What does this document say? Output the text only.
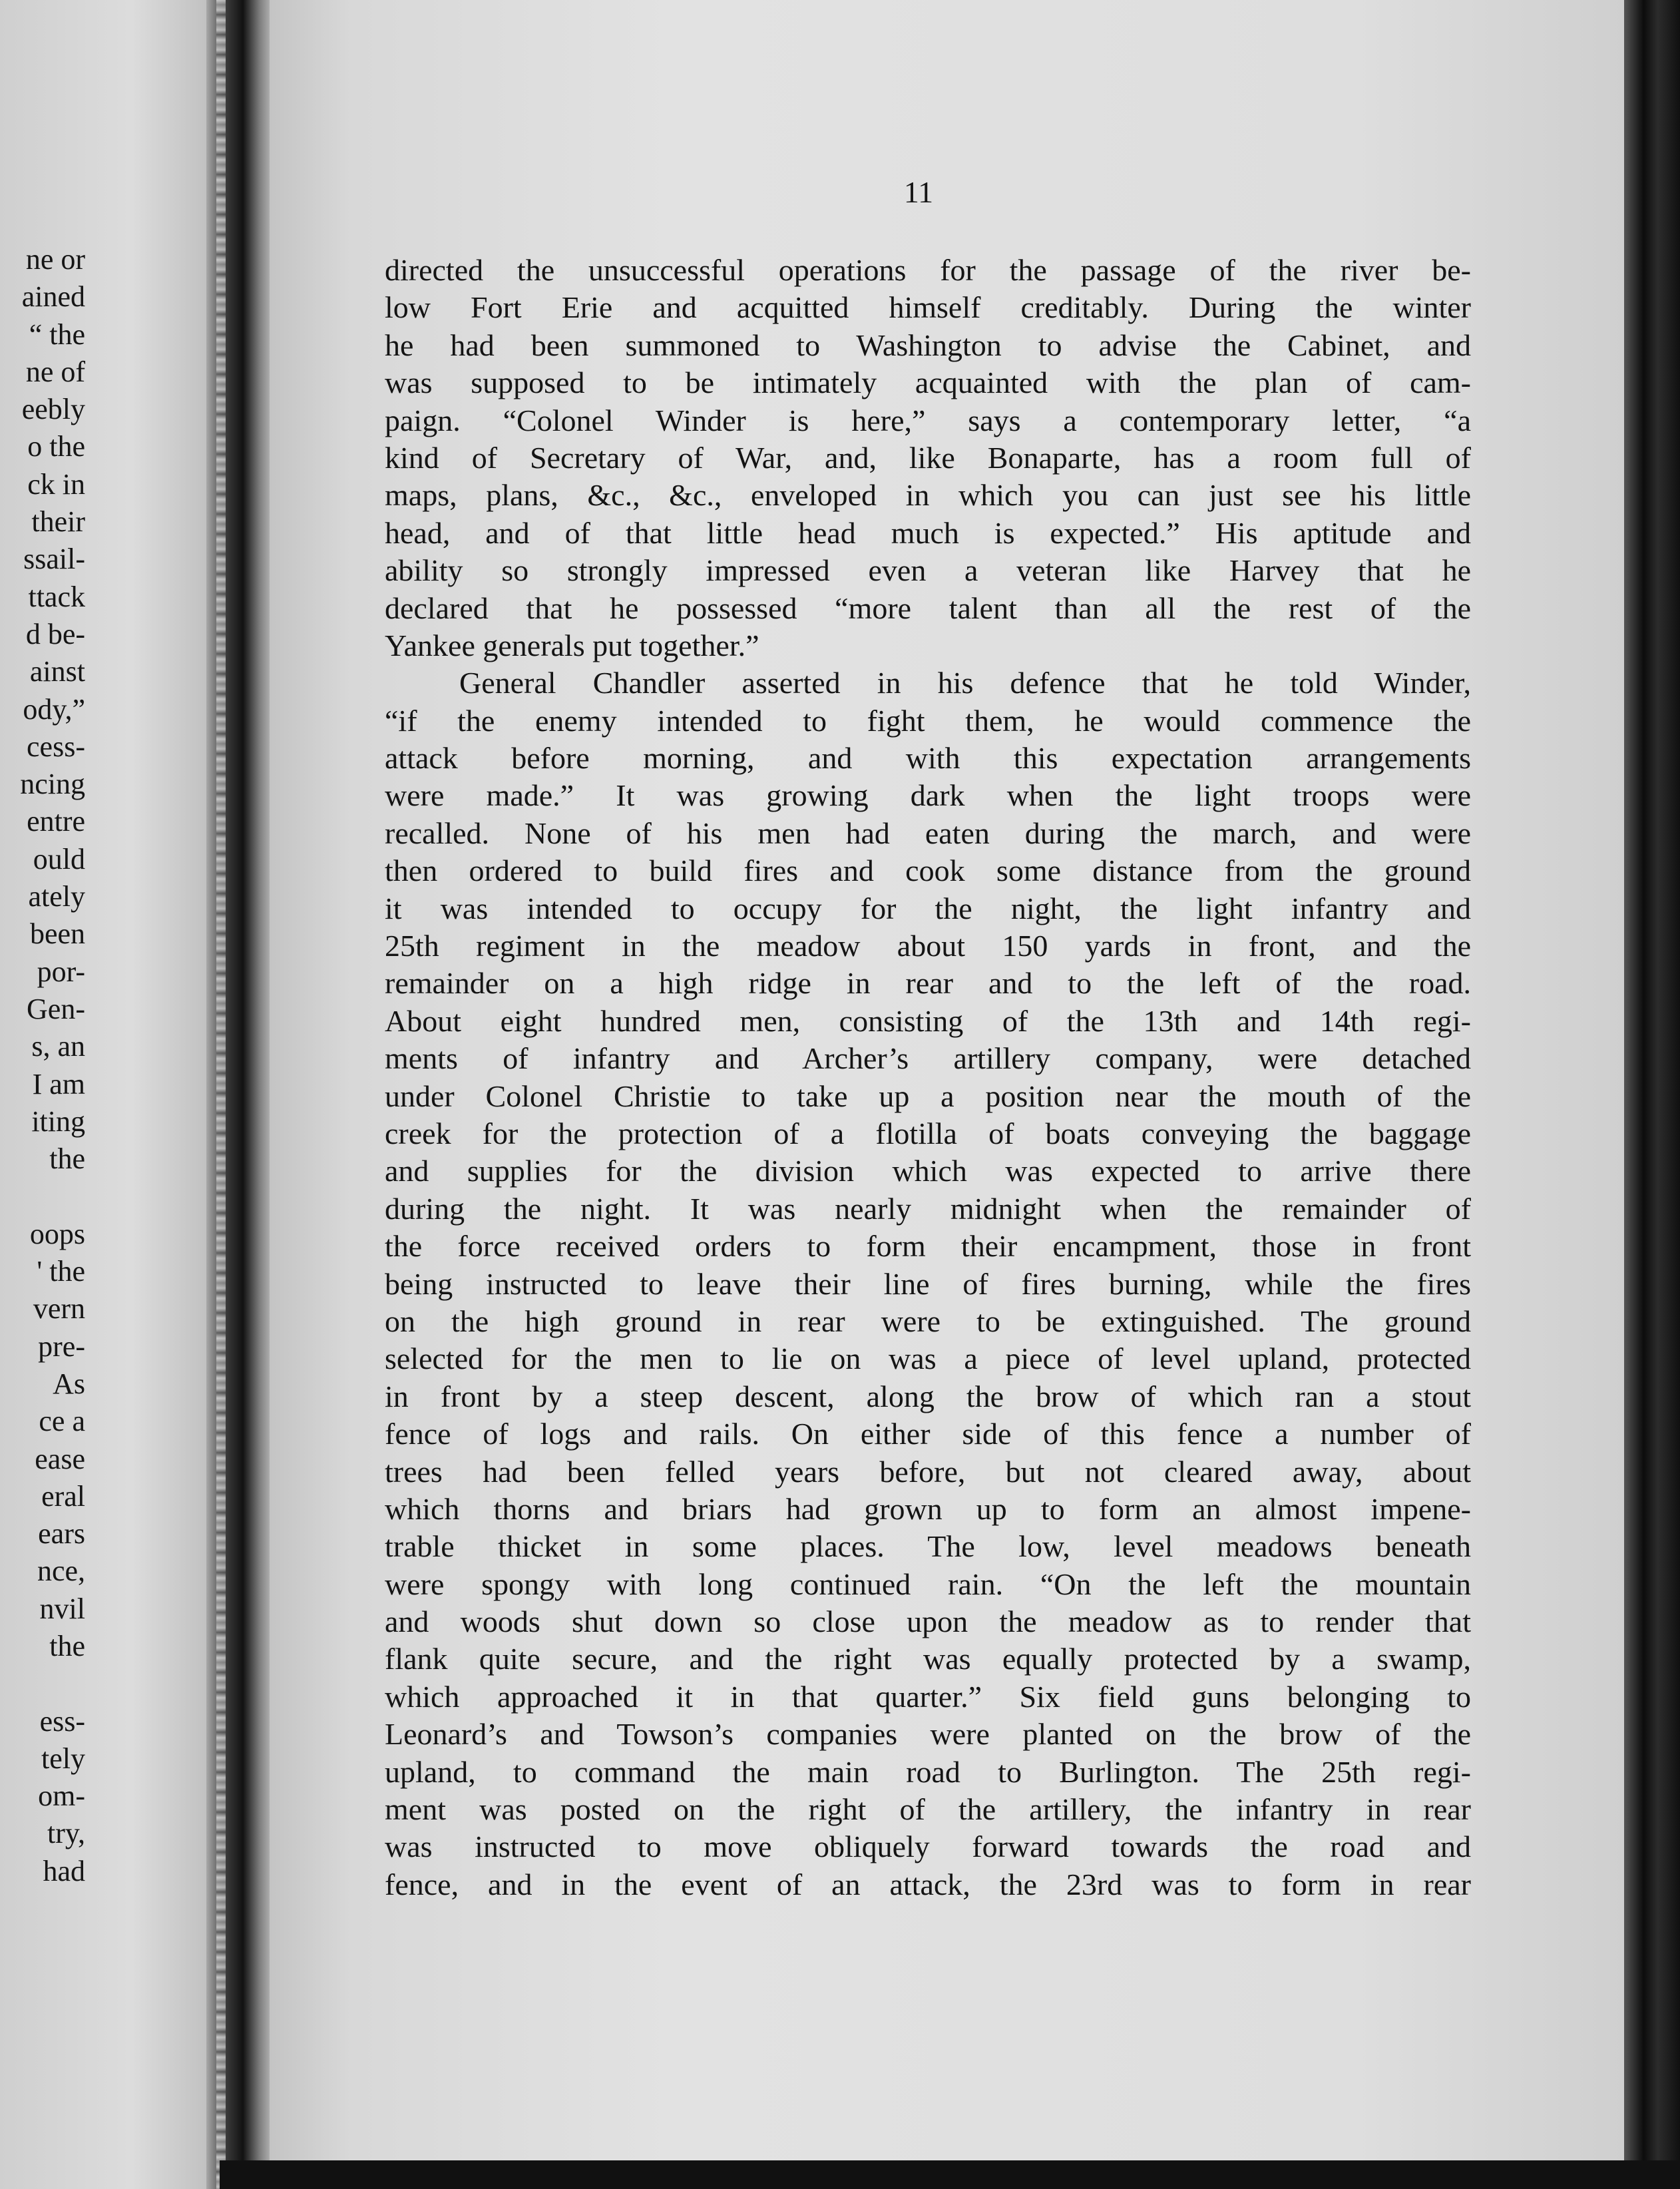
ne or
ained
“ the
ne of
eebly
o the
ck in
their
ssail-
ttack
d be-
ainst
ody,”
cess-
ncing
entre
ould
ately
been
por-
Gen-
s, an
I am
iting
the
oops
' the
vern
pre-
As
ce a
ease
eral
ears
nce,
nvil
the
ess-
tely
om-
try,
had
11
directed the unsuccessful operations for the passage of the river be-
low Fort Erie and acquitted himself creditably. During the winter
he had been summoned to Washington to advise the Cabinet, and
was supposed to be intimately acquainted with the plan of cam-
paign. “Colonel Winder is here,” says a contemporary letter, “a
kind of Secretary of War, and, like Bonaparte, has a room full of
maps, plans, &c., &c., enveloped in which you can just see his little
head, and of that little head much is expected.” His aptitude and
ability so strongly impressed even a veteran like Harvey that he
declared that he possessed “more talent than all the rest of the
Yankee generals put together.”
General Chandler asserted in his defence that he told Winder,
“if the enemy intended to fight them, he would commence the
attack before morning, and with this expectation arrangements
were made.” It was growing dark when the light troops were
recalled. None of his men had eaten during the march, and were
then ordered to build fires and cook some distance from the ground
it was intended to occupy for the night, the light infantry and
25th regiment in the meadow about 150 yards in front, and the
remainder on a high ridge in rear and to the left of the road.
About eight hundred men, consisting of the 13th and 14th regi-
ments of infantry and Archer’s artillery company, were detached
under Colonel Christie to take up a position near the mouth of the
creek for the protection of a flotilla of boats conveying the baggage
and supplies for the division which was expected to arrive there
during the night. It was nearly midnight when the remainder of
the force received orders to form their encampment, those in front
being instructed to leave their line of fires burning, while the fires
on the high ground in rear were to be extinguished. The ground
selected for the men to lie on was a piece of level upland, protected
in front by a steep descent, along the brow of which ran a stout
fence of logs and rails. On either side of this fence a number of
trees had been felled years before, but not cleared away, about
which thorns and briars had grown up to form an almost impene-
trable thicket in some places. The low, level meadows beneath
were spongy with long continued rain. “On the left the mountain
and woods shut down so close upon the meadow as to render that
flank quite secure, and the right was equally protected by a swamp,
which approached it in that quarter.” Six field guns belonging to
Leonard’s and Towson’s companies were planted on the brow of the
upland, to command the main road to Burlington. The 25th regi-
ment was posted on the right of the artillery, the infantry in rear
was instructed to move obliquely forward towards the road and
fence, and in the event of an attack, the 23rd was to form in rear
